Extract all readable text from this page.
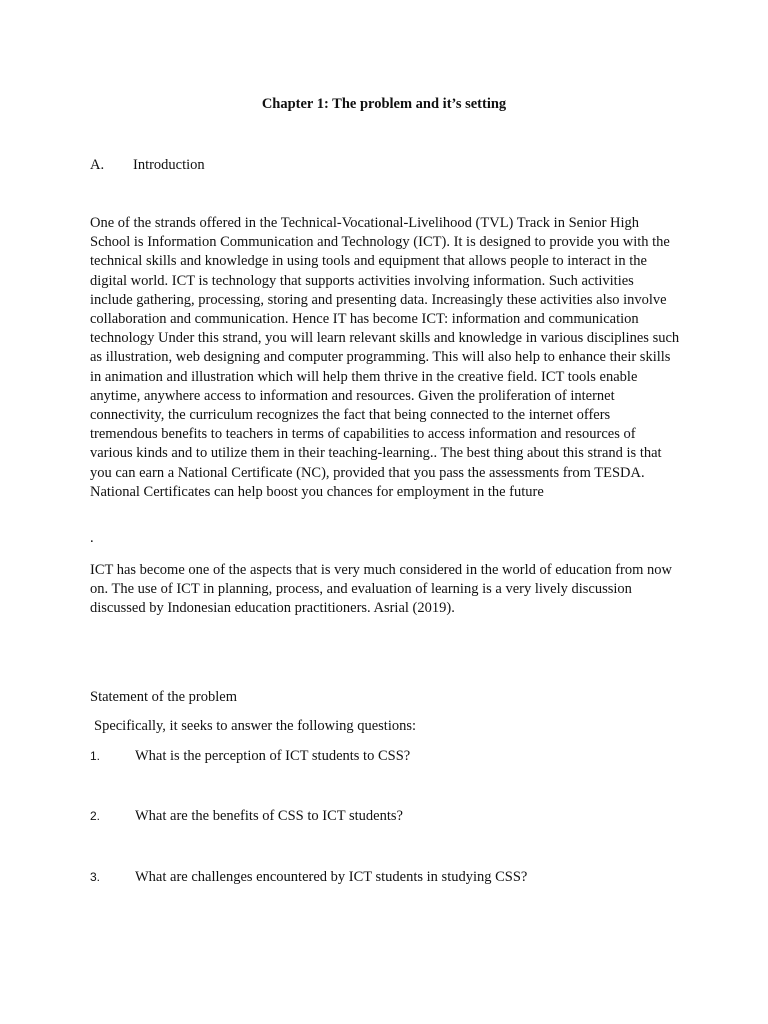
Chapter 1: The problem and it’s setting
A. Introduction

One of the strands offered in the Technical-Vocational-Livelihood (TVL) Track in Senior High School is Information Communication and Technology (ICT). It is designed to provide you with the technical skills and knowledge in using tools and equipment that allows people to interact in the digital world. ICT is technology that supports activities involving information. Such activities include gathering, processing, storing and presenting data. Increasingly these activities also involve collaboration and communication. Hence IT has become ICT: information and communication technology Under this strand, you will learn relevant skills and knowledge in various disciplines such as illustration, web designing and computer programming. This will also help to enhance their skills in animation and illustration which will help them thrive in the creative field. ICT tools enable anytime, anywhere access to information and resources. Given the proliferation of internet connectivity, the curriculum recognizes the fact that being connected to the internet offers tremendous benefits to teachers in terms of capabilities to access information and resources of various kinds and to utilize them in their teaching-learning.. The best thing about this strand is that you can earn a National Certificate (NC), provided that you pass the assessments from TESDA. National Certificates can help boost you chances for employment in the future

.

ICT has become one of the aspects that is very much considered in the world of education from now on. The use of ICT in planning, process, and evaluation of learning is a very lively discussion discussed by Indonesian education practitioners. Asrial (2019).

Statement of the problem
Specifically, it seeks to answer the following questions:
1. What is the perception of ICT students to CSS?
2. What are the benefits of CSS to ICT students?
3. What are challenges encountered by ICT students in studying CSS?
